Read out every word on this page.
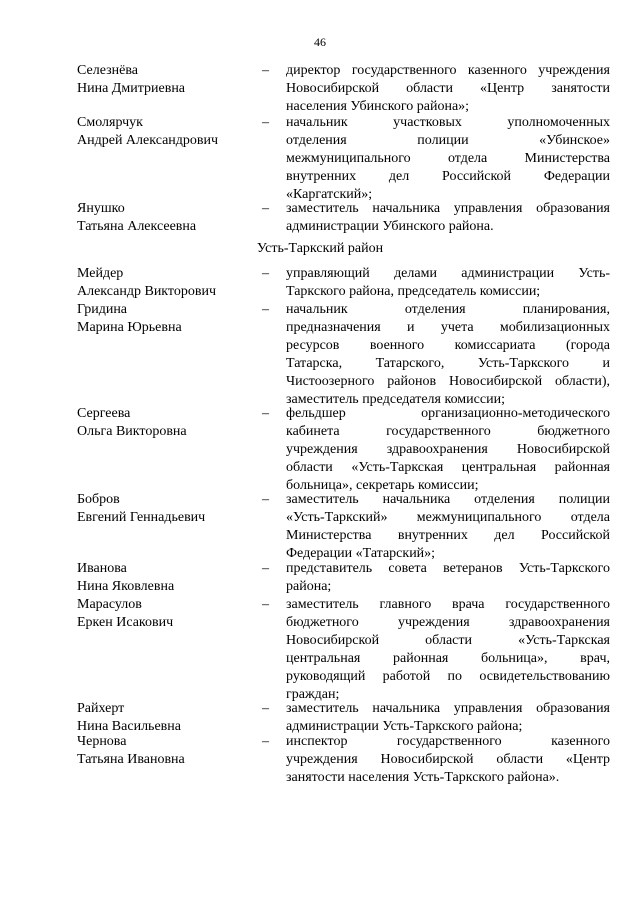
46
Селезнёва
Нина Дмитриевна
– директор государственного казенного учреждения
Новосибирской области «Центр занятости
населения Убинского района»;
Смолярчук
Андрей Александрович
– начальник участковых уполномоченных
отделения полиции «Убинское»
межмуниципального отдела Министерства
внутренних дел Российской Федерации
«Каргатский»;
Янушко
Татьяна Алексеевна
– заместитель начальника управления образования
администрации Убинского района.
Усть-Таркский район
Мейдер
Александр Викторович
– управляющий делами администрации Усть-
Таркского района, председатель комиссии;
Гридина
Марина Юрьевна
– начальник отделения планирования,
предназначения и учета мобилизационных
ресурсов военного комиссариата (города
Татарска, Татарского, Усть-Таркского и
Чистоозерного районов Новосибирской области),
заместитель председателя комиссии;
Сергеева
Ольга Викторовна
– фельдшер организационно-методического
кабинета государственного бюджетного
учреждения здравоохранения Новосибирской
области «Усть-Таркская центральная районная
больница», секретарь комиссии;
Бобров
Евгений Геннадьевич
– заместитель начальника отделения полиции
«Усть-Таркский» межмуниципального отдела
Министерства внутренних дел Российской
Федерации «Татарский»;
Иванова
Нина Яковлевна
– представитель совета ветеранов Усть-Таркского
района;
Марасулов
Еркен Исакович
– заместитель главного врача государственного
бюджетного учреждения здравоохранения
Новосибирской области «Усть-Таркская
центральная районная больница», врач,
руководящий работой по освидетельствованию
граждан;
Райхерт
Нина Васильевна
– заместитель начальника управления образования
администрации Усть-Таркского района;
Чернова
Татьяна Ивановна
– инспектор государственного казенного
учреждения Новосибирской области «Центр
занятости населения Усть-Таркского района».
